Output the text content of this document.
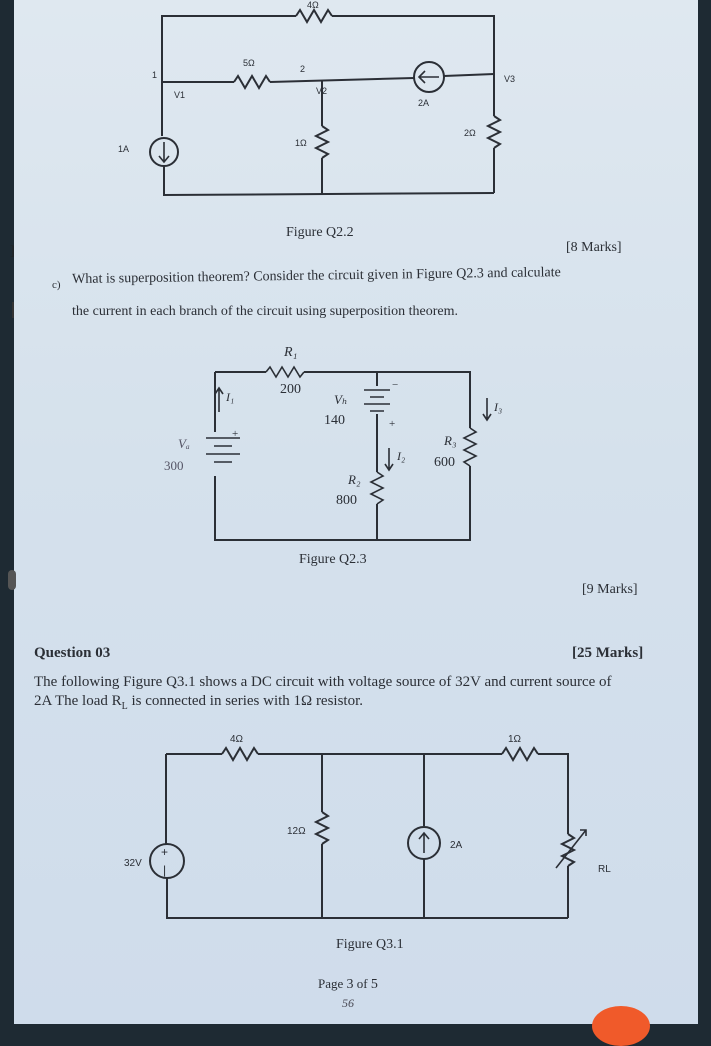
]
4Ω
5Ω
1
2
V1	V2
V3
2A
1A
1Ω
2Ω
Figure Q2.2
[8 Marks]
c) What is superposition theorem? Consider the circuit given in Figure Q2.3 and calculate
the current in each branch of the circuit using superposition theorem.
R₁
200
I₁
Vₐ
300
+
Vₕ
140
−
+
I₂
R₂
800
R₃
600
I₃
Figure Q2.3
[9 Marks]
Question 03	[25 Marks]
The following Figure Q3.1 shows a DC circuit with voltage source of 32V and current source of
2A The load $R_L$ is connected in series with 1Ω resistor.
+
|
4Ω	1Ω
12Ω
2A
32V
RL
Figure Q3.1
Page 3 of 5
56
